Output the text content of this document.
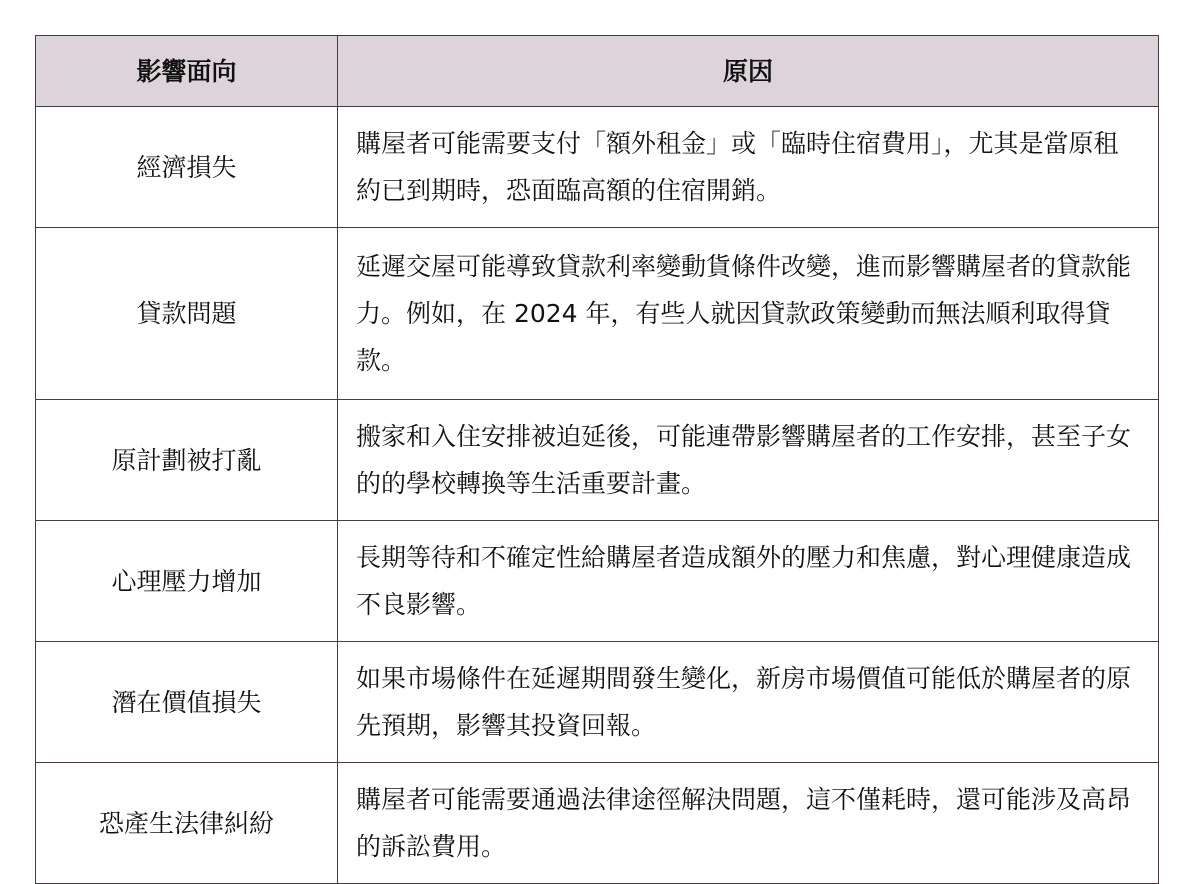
影響面向	原因
經濟損失	購屋者可能需要支付「額外租金」或「臨時住宿費用」，尤其是當原租約已到期時，恐面臨高額的住宿開銷。
貸款問題	延遲交屋可能導致貸款利率變動貨條件改變，進而影響購屋者的貸款能力。例如，在 2024 年，有些人就因貸款政策變動而無法順利取得貸款。
原計劃被打亂	搬家和入住安排被迫延後，可能連帶影響購屋者的工作安排，甚至子女的的學校轉換等生活重要計畫。
心理壓力增加	長期等待和不確定性給購屋者造成額外的壓力和焦慮，對心理健康造成不良影響。
潛在價值損失	如果市場條件在延遲期間發生變化，新房市場價值可能低於購屋者的原先預期，影響其投資回報。
恐產生法律糾紛	購屋者可能需要通過法律途徑解決問題，這不僅耗時，還可能涉及高昂的訴訟費用。
